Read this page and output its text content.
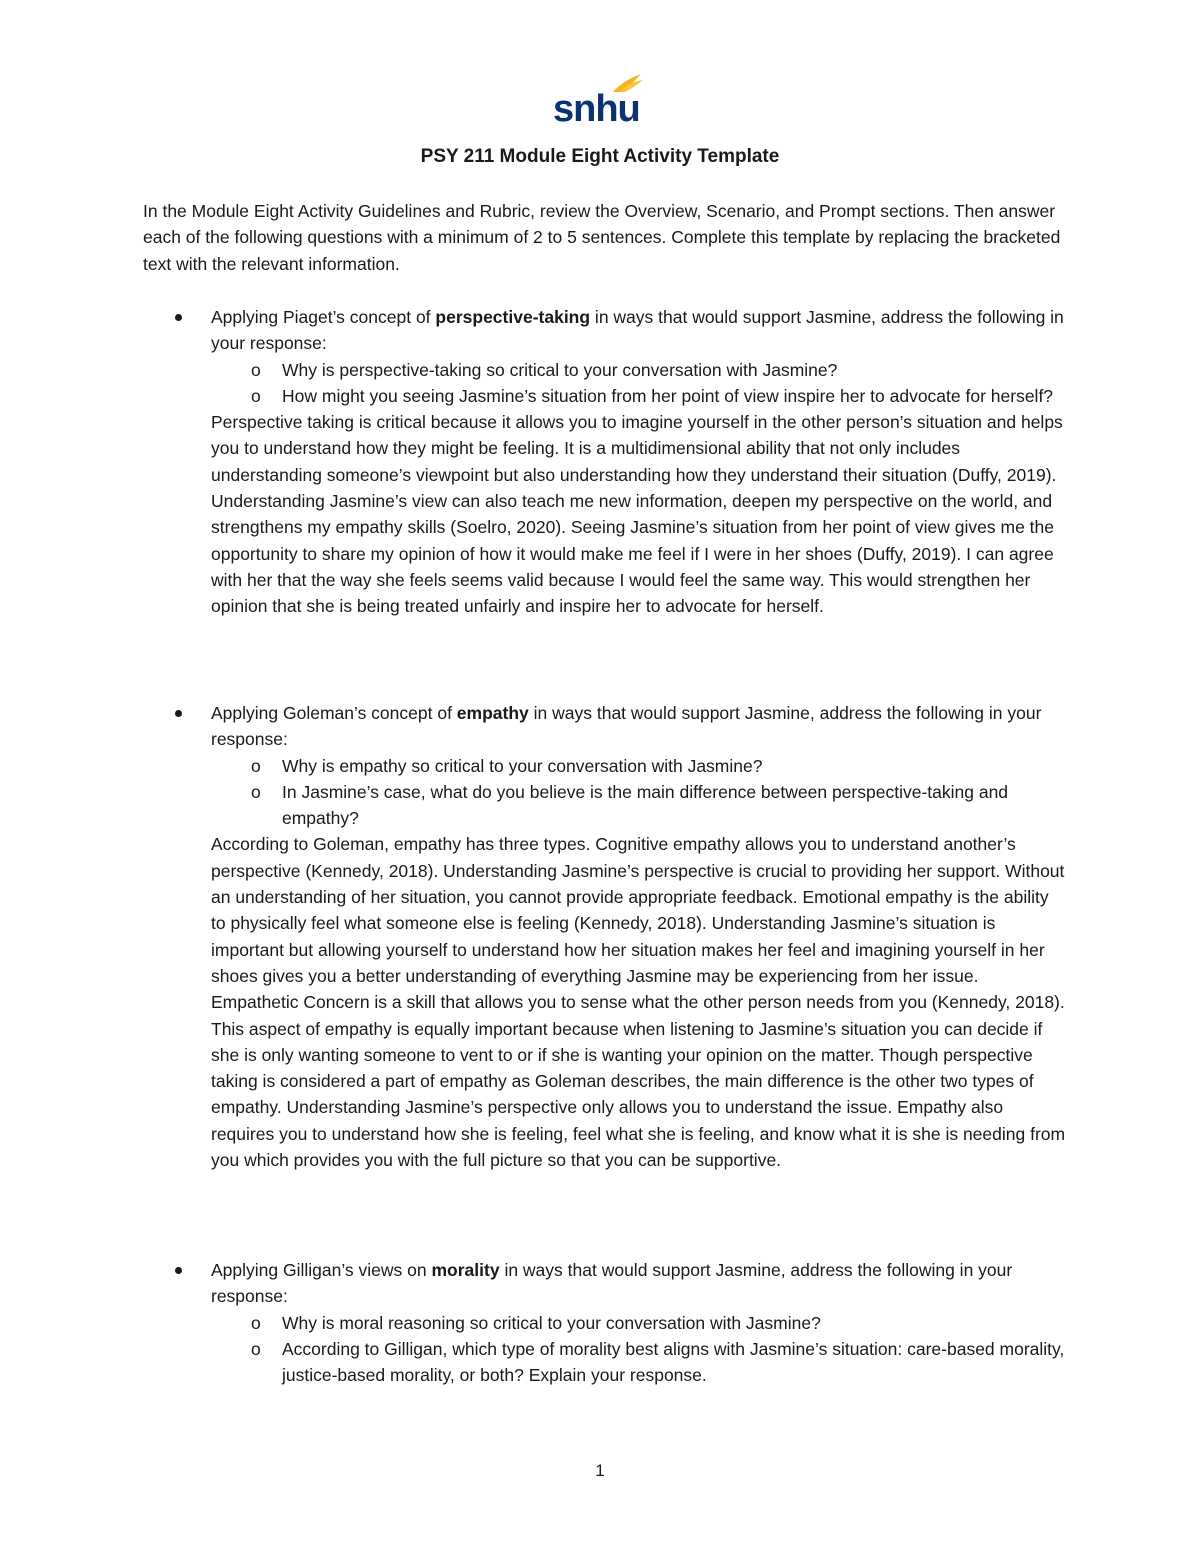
snhu
PSY 211 Module Eight Activity Template
In the Module Eight Activity Guidelines and Rubric, review the Overview, Scenario, and Prompt sections. Then answer each of the following questions with a minimum of 2 to 5 sentences. Complete this template by replacing the bracketed text with the relevant information.
Applying Piaget’s concept of perspective-taking in ways that would support Jasmine, address the following in your response:
o Why is perspective-taking so critical to your conversation with Jasmine?
o How might you seeing Jasmine’s situation from her point of view inspire her to advocate for herself?
Perspective taking is critical because it allows you to imagine yourself in the other person’s situation and helps you to understand how they might be feeling. It is a multidimensional ability that not only includes understanding someone’s viewpoint but also understanding how they understand their situation (Duffy, 2019). Understanding Jasmine’s view can also teach me new information, deepen my perspective on the world, and strengthens my empathy skills (Soelro, 2020). Seeing Jasmine’s situation from her point of view gives me the opportunity to share my opinion of how it would make me feel if I were in her shoes (Duffy, 2019). I can agree with her that the way she feels seems valid because I would feel the same way. This would strengthen her opinion that she is being treated unfairly and inspire her to advocate for herself.
Applying Goleman’s concept of empathy in ways that would support Jasmine, address the following in your response:
o Why is empathy so critical to your conversation with Jasmine?
o In Jasmine’s case, what do you believe is the main difference between perspective-taking and empathy?
According to Goleman, empathy has three types. Cognitive empathy allows you to understand another’s perspective (Kennedy, 2018). Understanding Jasmine’s perspective is crucial to providing her support. Without an understanding of her situation, you cannot provide appropriate feedback. Emotional empathy is the ability to physically feel what someone else is feeling (Kennedy, 2018). Understanding Jasmine’s situation is important but allowing yourself to understand how her situation makes her feel and imagining yourself in her shoes gives you a better understanding of everything Jasmine may be experiencing from her issue. Empathetic Concern is a skill that allows you to sense what the other person needs from you (Kennedy, 2018). This aspect of empathy is equally important because when listening to Jasmine’s situation you can decide if she is only wanting someone to vent to or if she is wanting your opinion on the matter. Though perspective taking is considered a part of empathy as Goleman describes, the main difference is the other two types of empathy. Understanding Jasmine’s perspective only allows you to understand the issue. Empathy also requires you to understand how she is feeling, feel what she is feeling, and know what it is she is needing from you which provides you with the full picture so that you can be supportive.
Applying Gilligan’s views on morality in ways that would support Jasmine, address the following in your response:
o Why is moral reasoning so critical to your conversation with Jasmine?
o According to Gilligan, which type of morality best aligns with Jasmine’s situation: care-based morality, justice-based morality, or both? Explain your response.
1
